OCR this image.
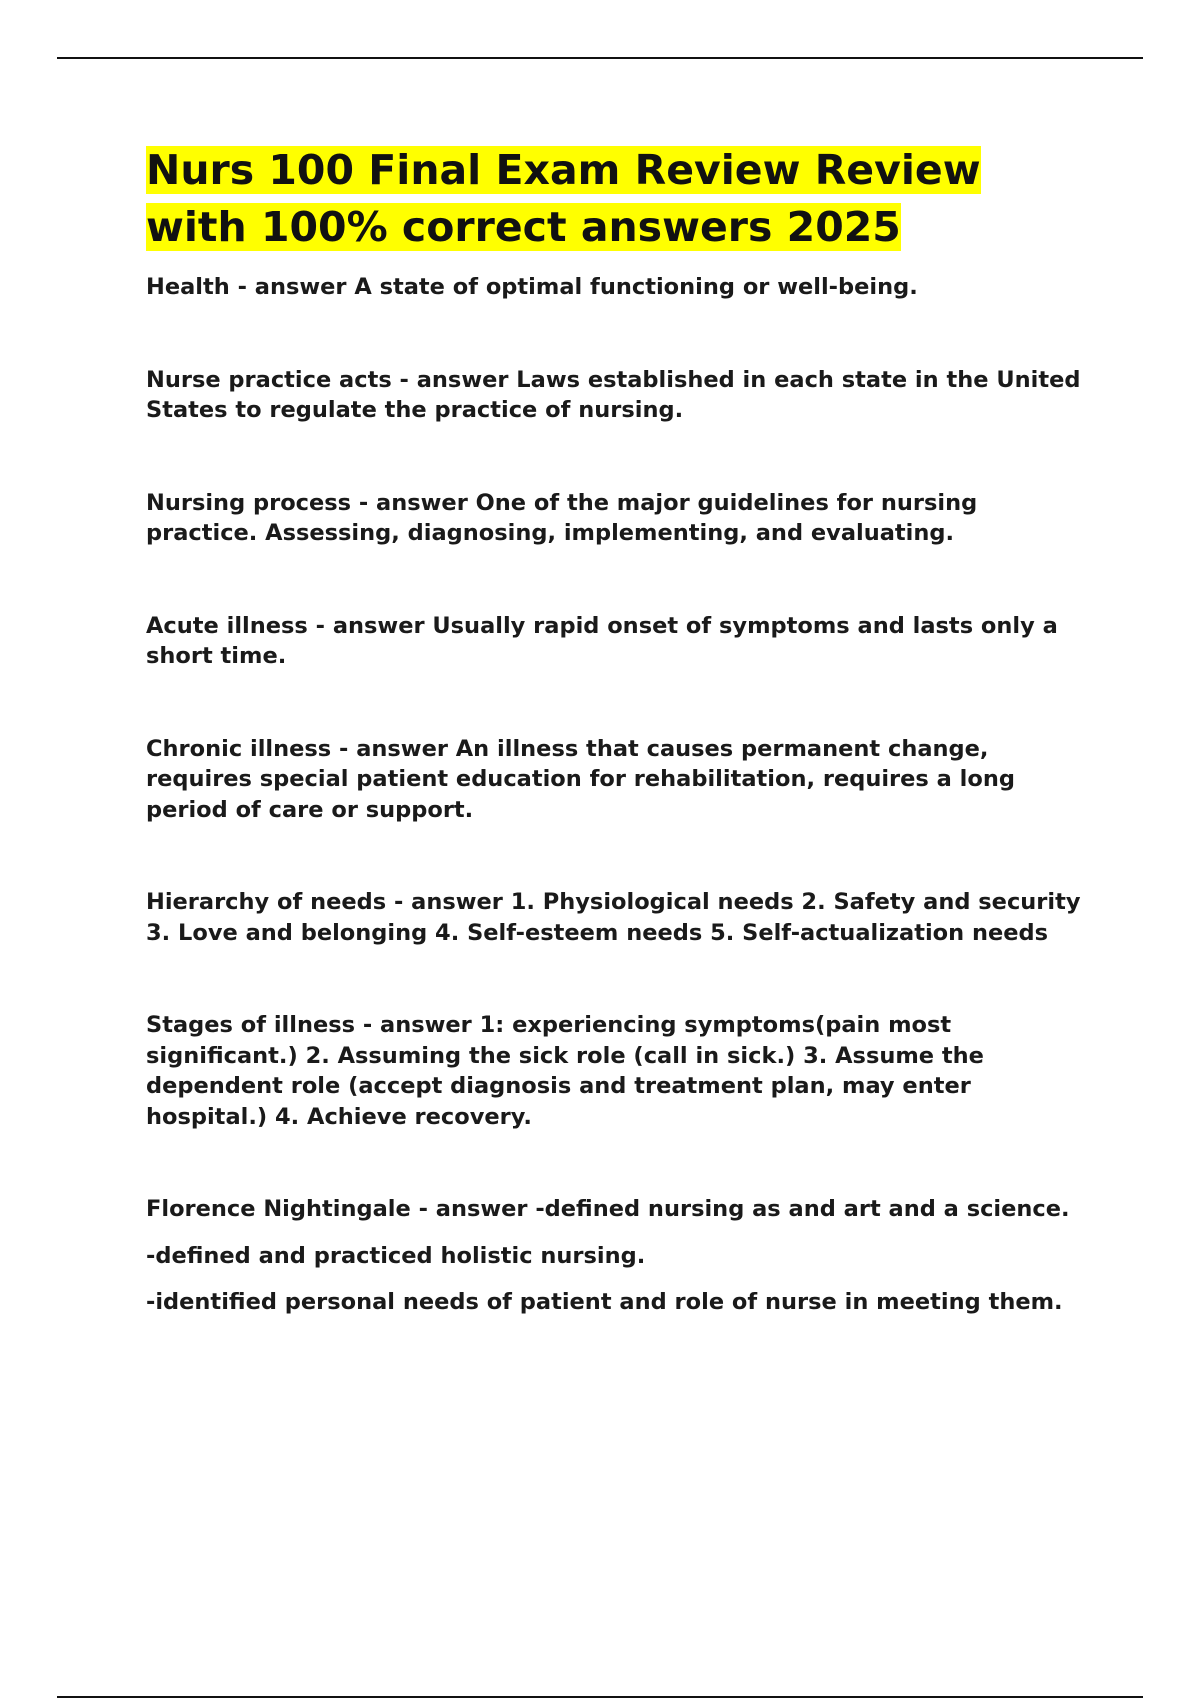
Nurs 100 Final Exam Review Review with 100% correct answers 2025

Health - answer A state of optimal functioning or well-being.

Nurse practice acts - answer Laws established in each state in the United States to regulate the practice of nursing.

Nursing process - answer One of the major guidelines for nursing practice. Assessing, diagnosing, implementing, and evaluating.

Acute illness - answer Usually rapid onset of symptoms and lasts only a short time.

Chronic illness - answer An illness that causes permanent change, requires special patient education for rehabilitation, requires a long period of care or support.

Hierarchy of needs - answer 1. Physiological needs 2. Safety and security 3. Love and belonging 4. Self-esteem needs 5. Self-actualization needs

Stages of illness - answer 1: experiencing symptoms(pain most significant.) 2. Assuming the sick role (call in sick.) 3. Assume the dependent role (accept diagnosis and treatment plan, may enter hospital.) 4. Achieve recovery.

Florence Nightingale - answer -defined nursing as and art and a science.

-defined and practiced holistic nursing.

-identified personal needs of patient and role of nurse in meeting them.
